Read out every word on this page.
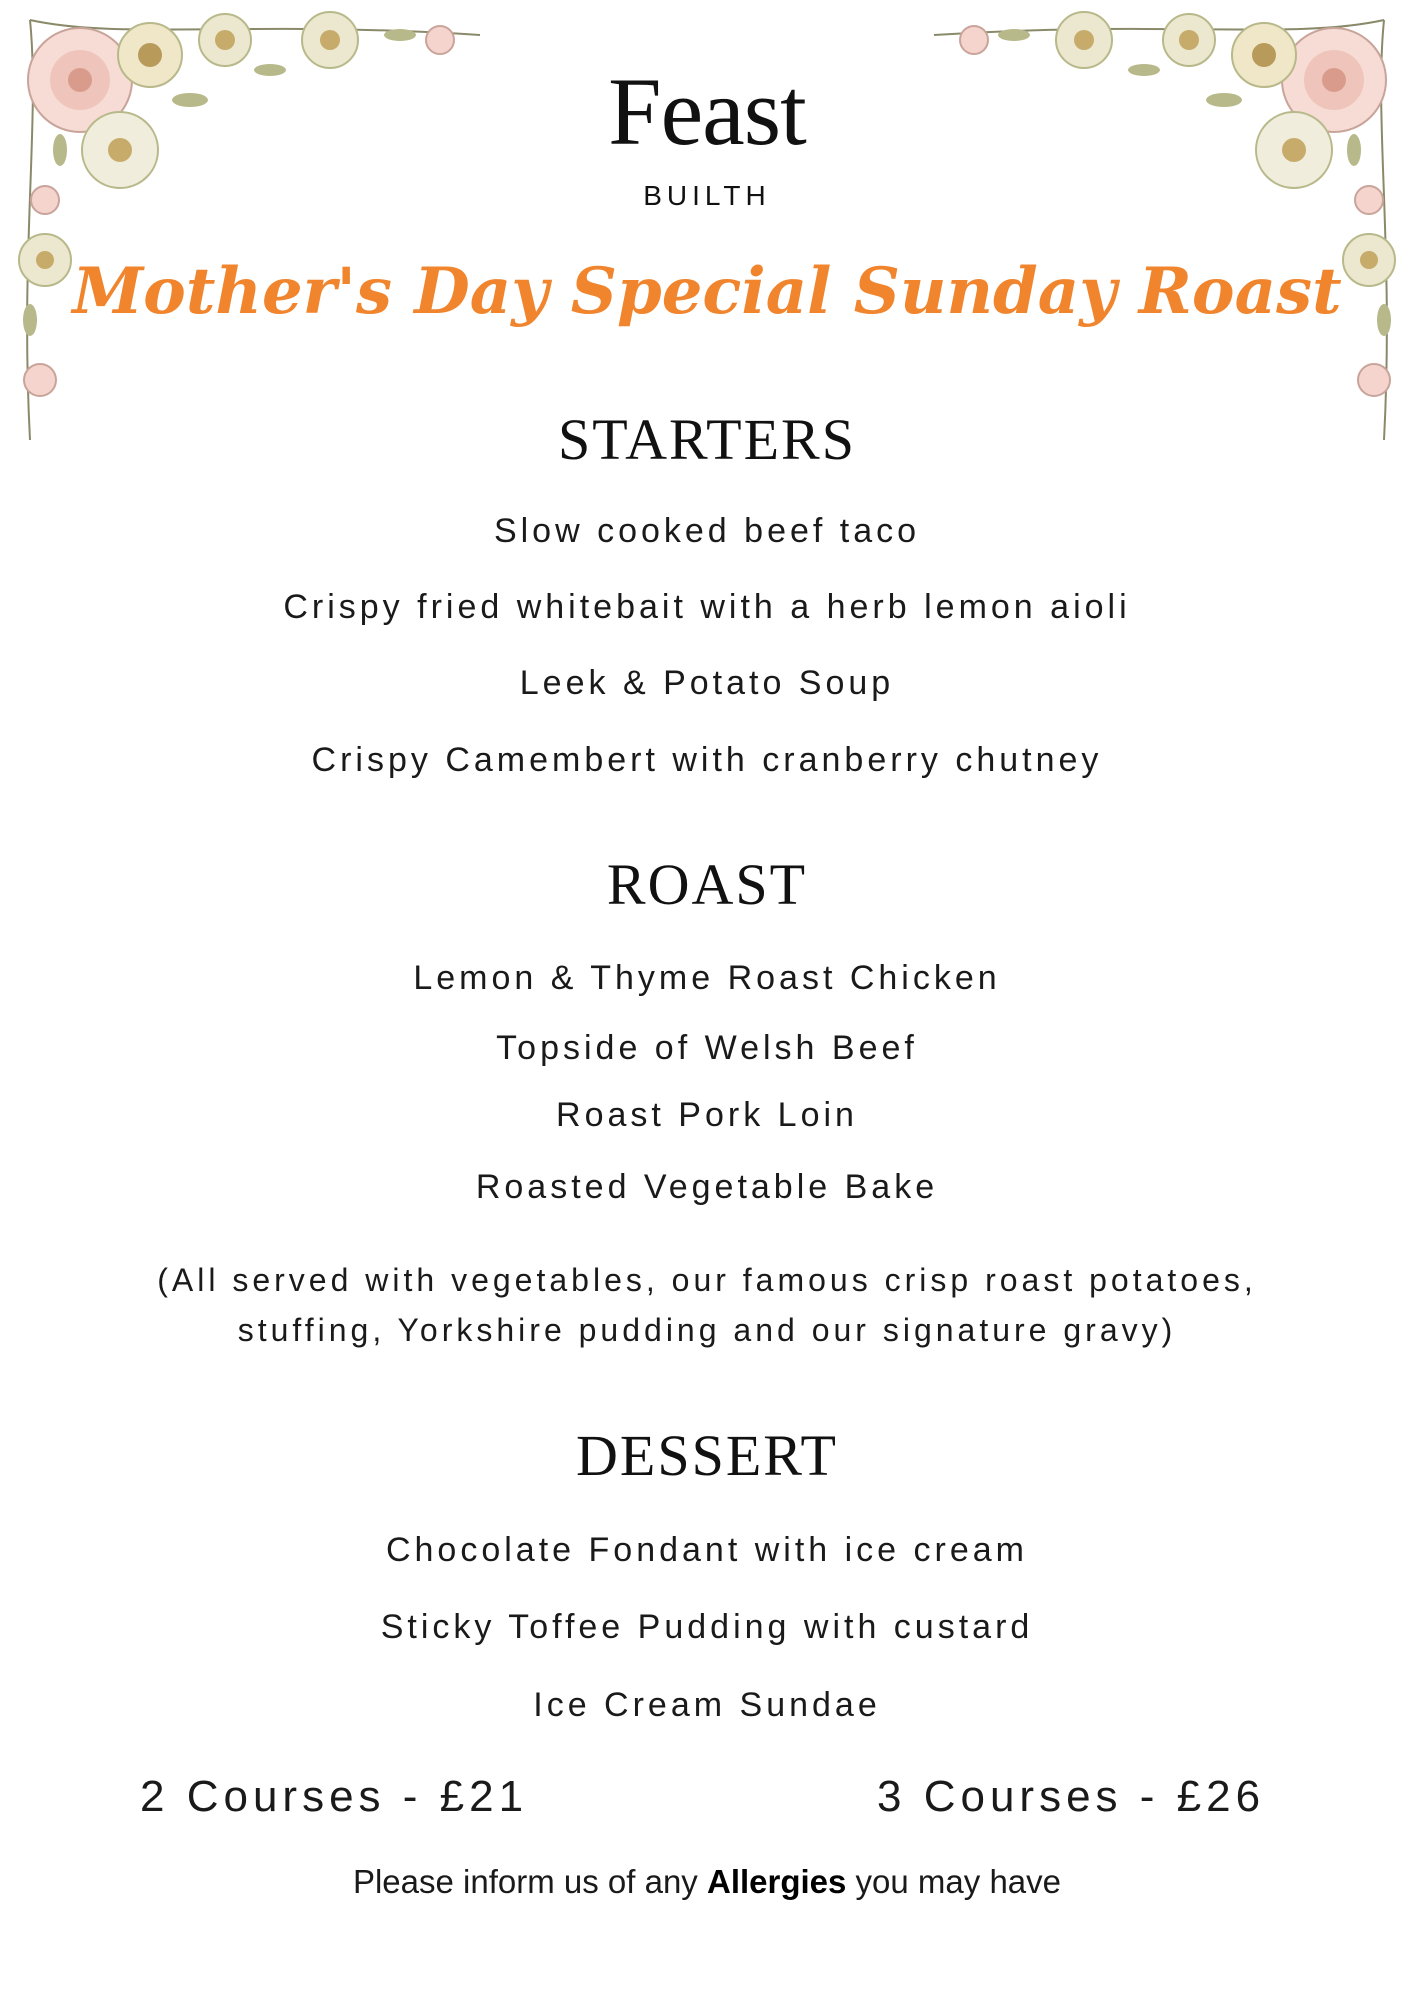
Feast
BUILTH
Mother's Day Special Sunday Roast
STARTERS
Slow cooked beef taco
Crispy fried whitebait with a herb lemon aioli
Leek & Potato Soup
Crispy Camembert with cranberry chutney
ROAST
Lemon & Thyme Roast Chicken
Topside of Welsh Beef
Roast Pork Loin
Roasted Vegetable Bake
(All served with vegetables, our famous crisp roast potatoes,
stuffing, Yorkshire pudding and our signature gravy)
DESSERT
Chocolate Fondant with ice cream
Sticky Toffee Pudding with custard
Ice Cream Sundae
2 Courses - £21	3 Courses - £26
Please inform us of any Allergies you may have
